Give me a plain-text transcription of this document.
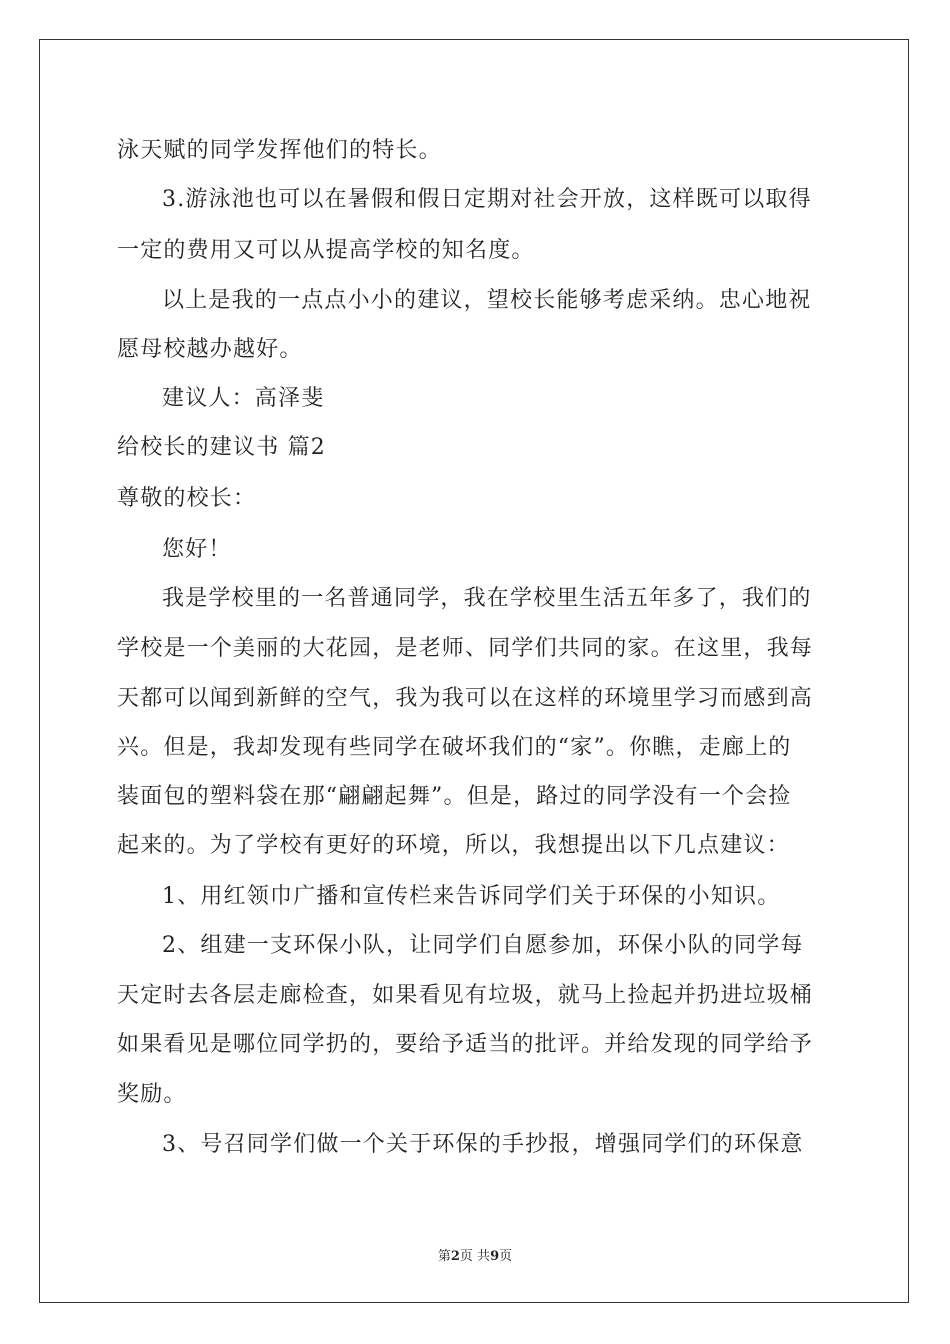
泳天赋的同学发挥他们的特长。
3.游泳池也可以在暑假和假日定期对社会开放，这样既可以取得
一定的费用又可以从提高学校的知名度。
以上是我的一点点小小的建议，望校长能够考虑采纳。忠心地祝
愿母校越办越好。
建议人：高泽斐
给校长的建议书 篇2
尊敬的校长：
您好！
我是学校里的一名普通同学，我在学校里生活五年多了，我们的
学校是一个美丽的大花园，是老师、同学们共同的家。在这里，我每
天都可以闻到新鲜的空气，我为我可以在这样的环境里学习而感到高
兴。但是，我却发现有些同学在破坏我们的“家”。你瞧，走廊上的
装面包的塑料袋在那“翩翩起舞”。但是，路过的同学没有一个会捡
起来的。为了学校有更好的环境，所以，我想提出以下几点建议：
1、用红领巾广播和宣传栏来告诉同学们关于环保的小知识。
2、组建一支环保小队，让同学们自愿参加，环保小队的同学每
天定时去各层走廊检查，如果看见有垃圾，就马上捡起并扔进垃圾桶
如果看见是哪位同学扔的，要给予适当的批评。并给发现的同学给予
奖励。
3、号召同学们做一个关于环保的手抄报，增强同学们的环保意
第2页 共9页
